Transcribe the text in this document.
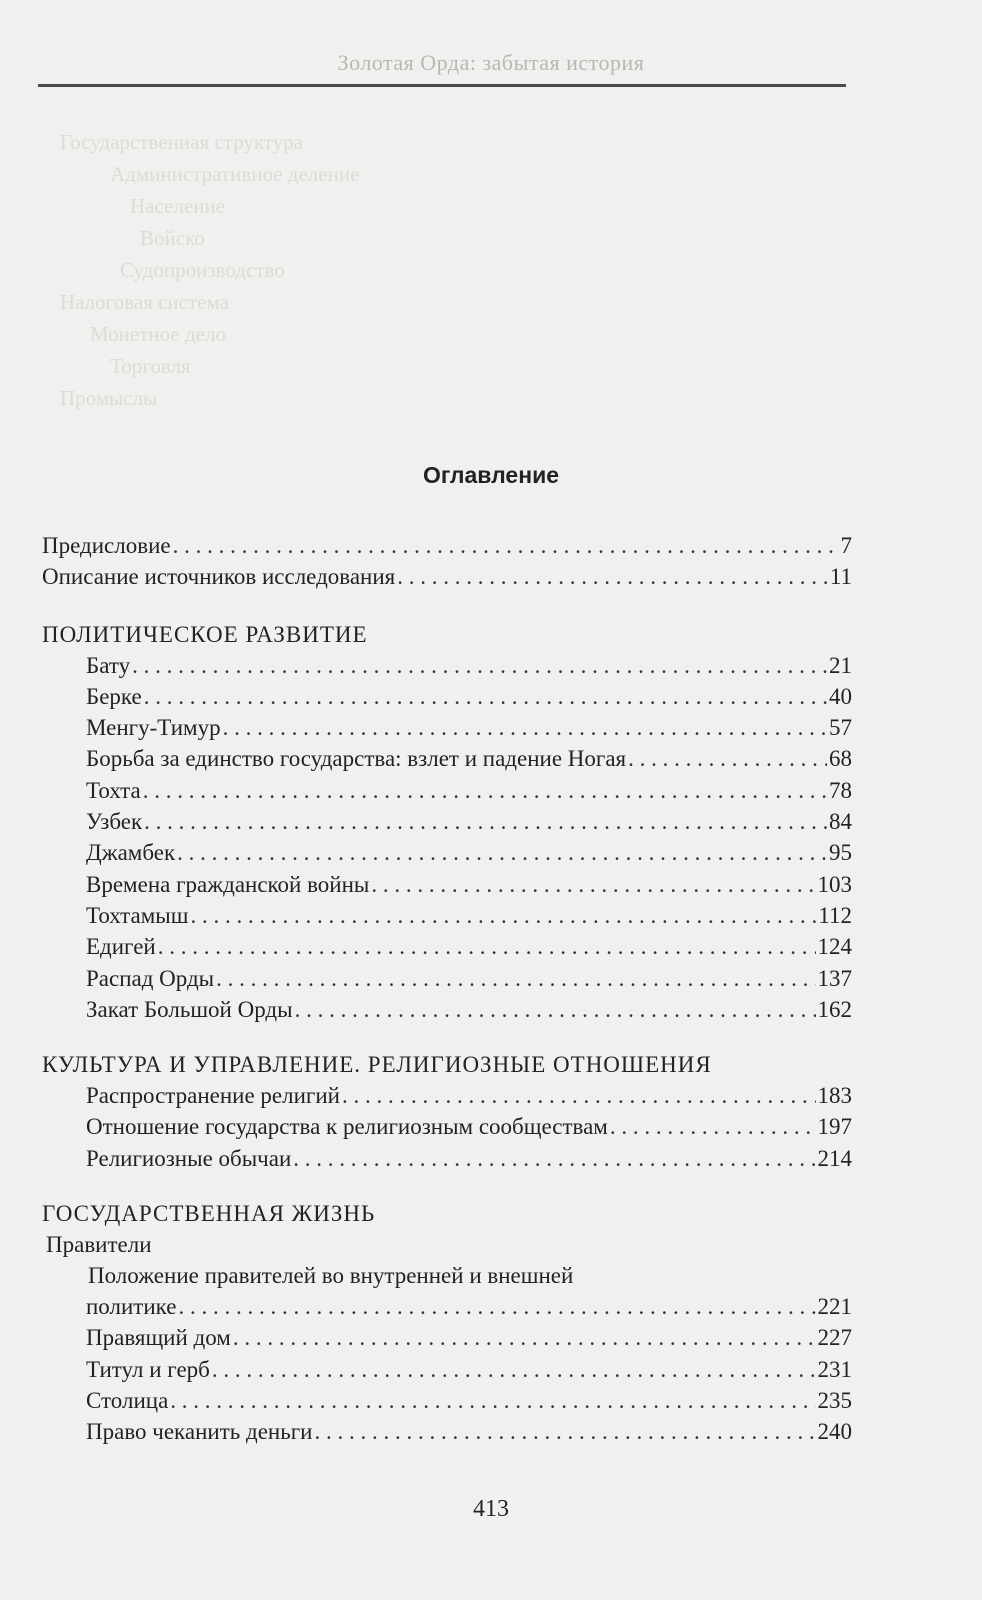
Золотая Орда: забытая история
Государственная структура
Административное деление
Население
Войско
Судопроизводство
Налоговая система
Монетное дело
Торговля
Промыслы
Оглавление
Предисловие . . .	7
Описание источников исследования . . .	11
ПОЛИТИЧЕСКОЕ РАЗВИТИЕ
Бату . . .	21
Берке . . .	40
Менгу-Тимур . . .	57
Борьба за единство государства: взлет и падение Ногая . . .	68
Тохта . . .	78
Узбек . . .	84
Джамбек . . .	95
Времена гражданской войны . . .	103
Тохтамыш . . .	112
Едигей . . .	124
Распад Орды . . .	137
Закат Большой Орды . . .	162
КУЛЬТУРА И УПРАВЛЕНИЕ. РЕЛИГИОЗНЫЕ ОТНОШЕНИЯ
Распространение религий . . .	183
Отношение государства к религиозным сообществам . . .	197
Религиозные обычаи . . .	214
ГОСУДАРСТВЕННАЯ ЖИЗНЬ
Правители
Положение правителей во внутренней и внешней
политике . . .	221
Правящий дом . . .	227
Титул и герб . . .	231
Столица . . .	235
Право чеканить деньги . . .	240
413
